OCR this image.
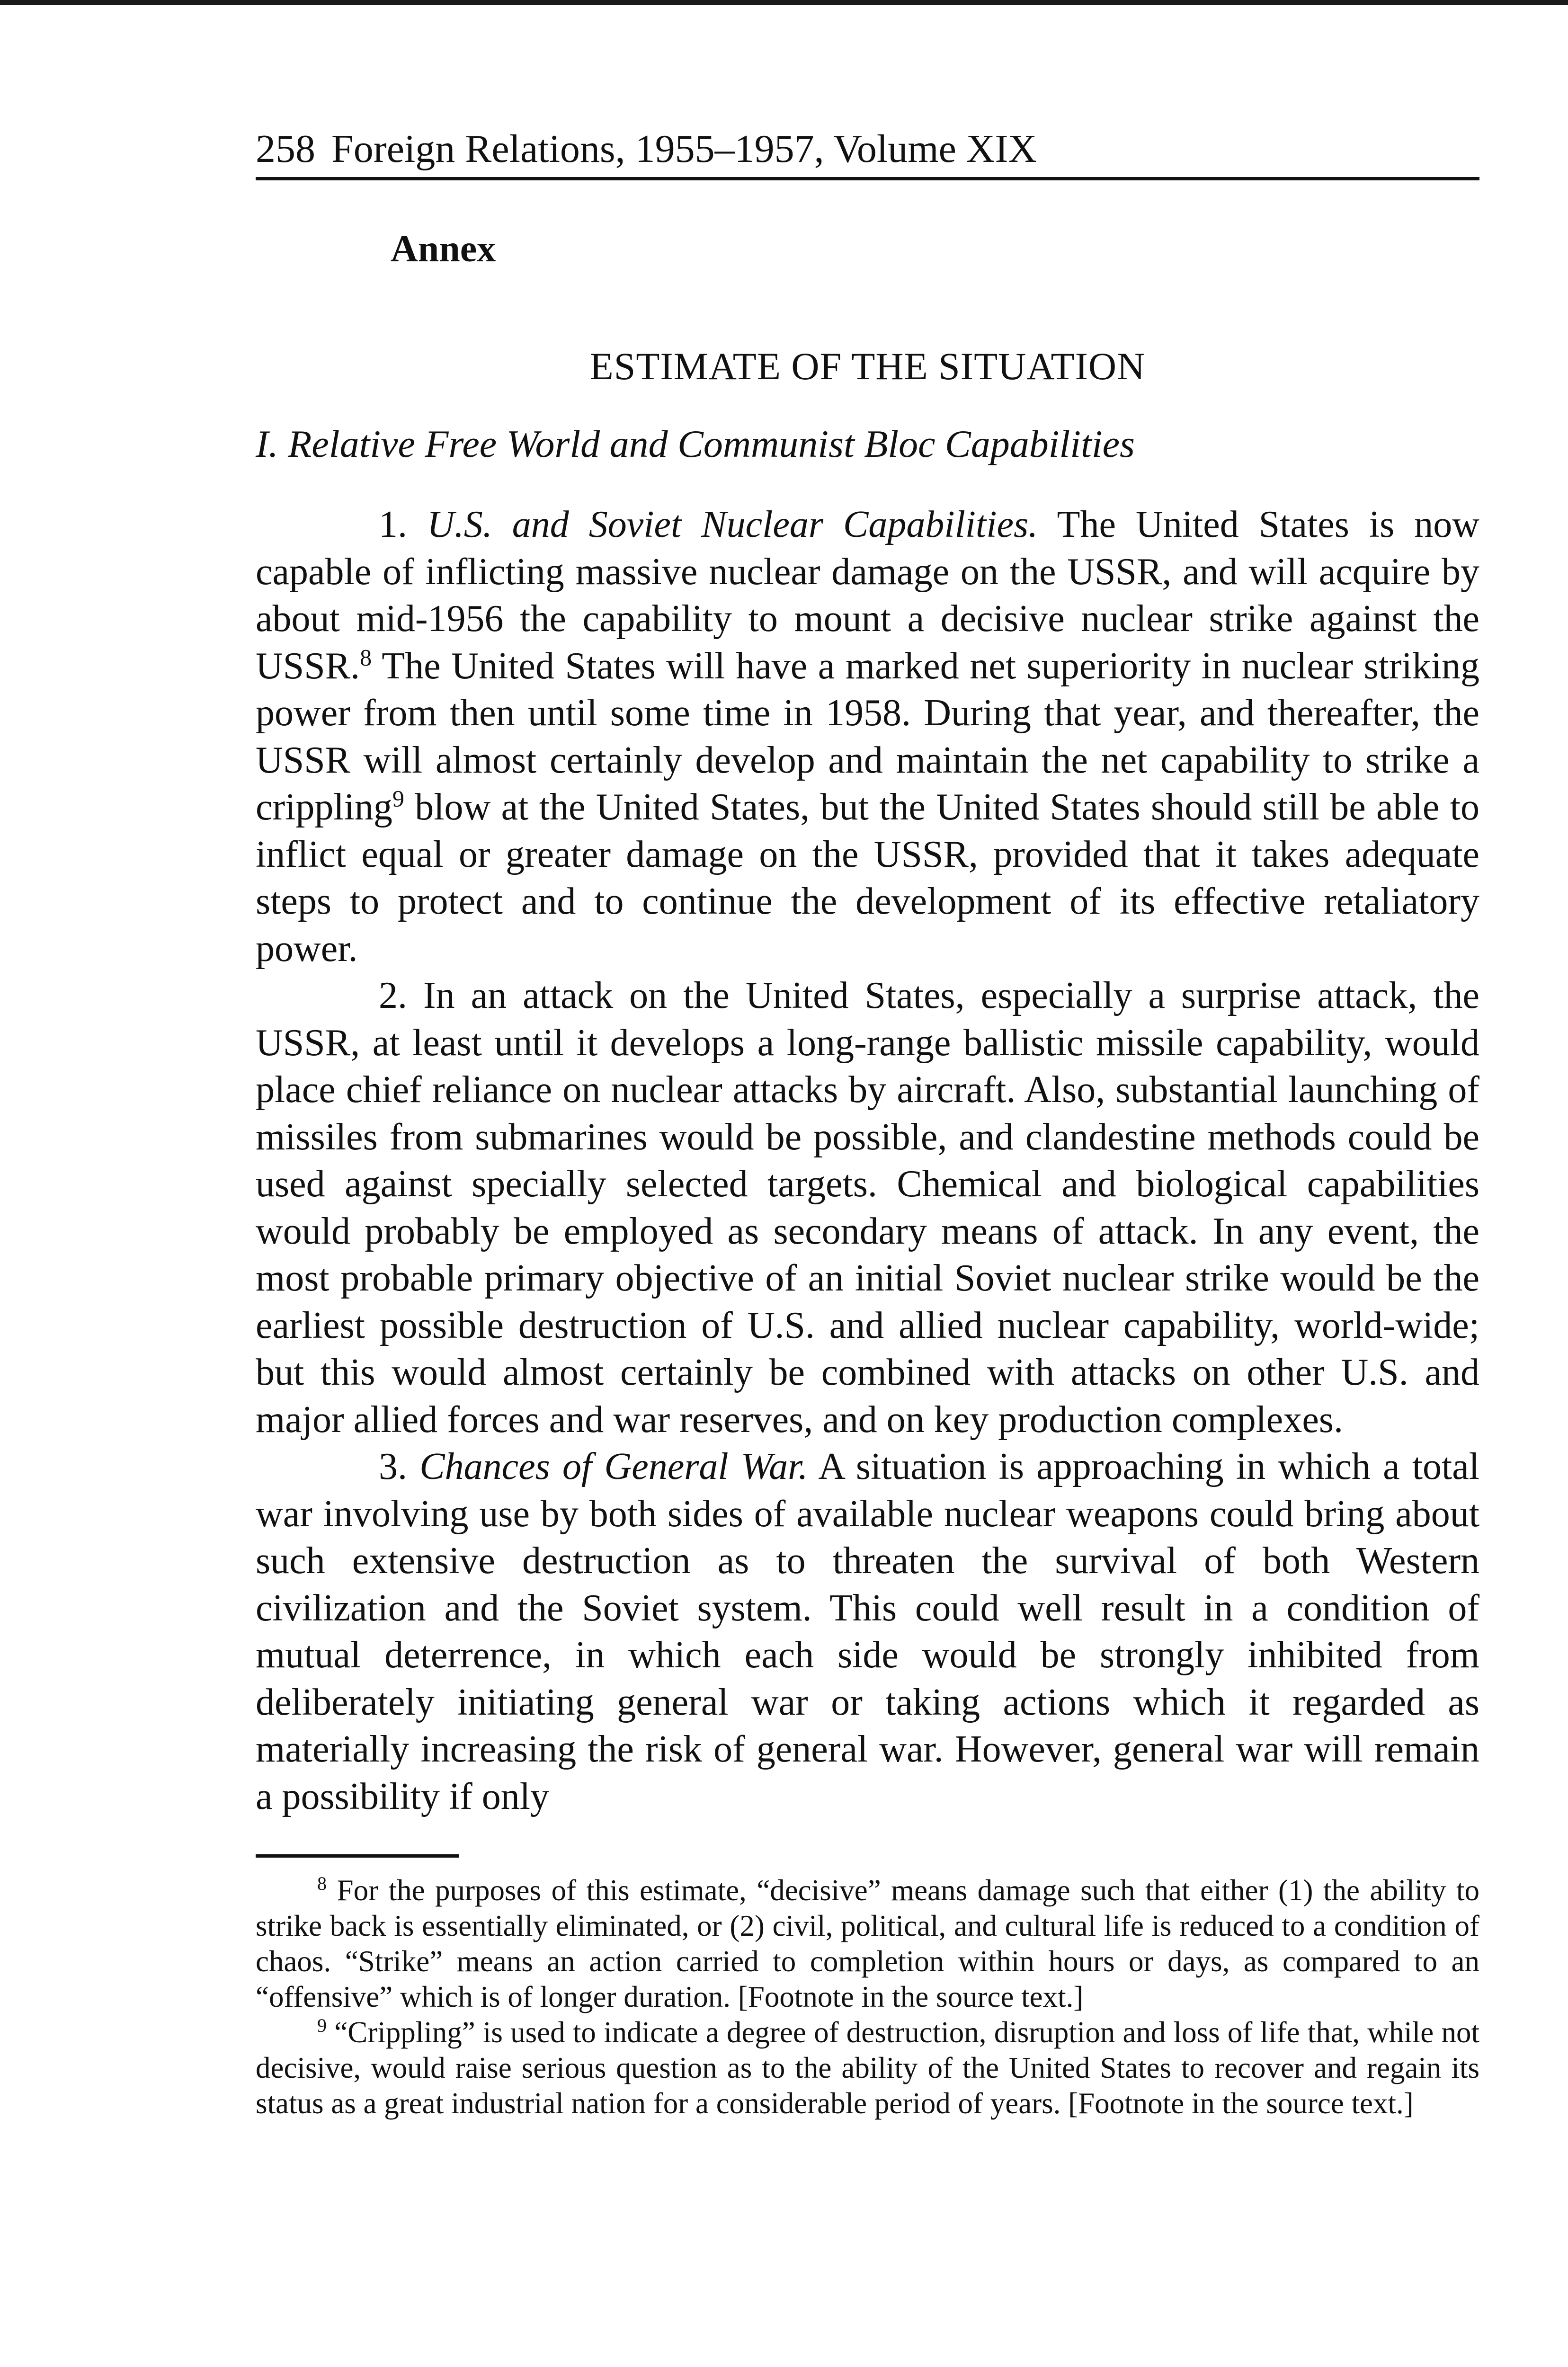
258 Foreign Relations, 1955–1957, Volume XIX
Annex
ESTIMATE OF THE SITUATION
I. Relative Free World and Communist Bloc Capabilities

1. U.S. and Soviet Nuclear Capabilities. The United States is now capable of inflicting massive nuclear damage on the USSR, and will acquire by about mid-1956 the capability to mount a decisive nuclear strike against the USSR.$^8$ The United States will have a marked net superiority in nuclear striking power from then until some time in 1958. During that year, and thereafter, the USSR will almost certainly develop and maintain the net capability to strike a crippling$^9$ blow at the United States, but the United States should still be able to inflict equal or greater damage on the USSR, provided that it takes adequate steps to protect and to continue the development of its effective retaliatory power.

2. In an attack on the United States, especially a surprise attack, the USSR, at least until it develops a long-range ballistic missile capability, would place chief reliance on nuclear attacks by aircraft. Also, substantial launching of missiles from submarines would be possible, and clandestine methods could be used against specially selected targets. Chemical and biological capabilities would probably be employed as secondary means of attack. In any event, the most probable primary objective of an initial Soviet nuclear strike would be the earliest possible destruction of U.S. and allied nuclear capability, world-wide; but this would almost certainly be combined with attacks on other U.S. and major allied forces and war reserves, and on key production complexes.

3. Chances of General War. A situation is approaching in which a total war involving use by both sides of available nuclear weapons could bring about such extensive destruction as to threaten the survival of both Western civilization and the Soviet system. This could well result in a condition of mutual deterrence, in which each side would be strongly inhibited from deliberately initiating general war or taking actions which it regarded as materially increasing the risk of general war. However, general war will remain a possibility if only

$^8$ For the purposes of this estimate, “decisive” means damage such that either (1) the ability to strike back is essentially eliminated, or (2) civil, political, and cultural life is reduced to a condition of chaos. “Strike” means an action carried to completion within hours or days, as compared to an “offensive” which is of longer duration. [Footnote in the source text.]

$^9$ “Crippling” is used to indicate a degree of destruction, disruption and loss of life that, while not decisive, would raise serious question as to the ability of the United States to recover and regain its status as a great industrial nation for a considerable period of years. [Footnote in the source text.]
